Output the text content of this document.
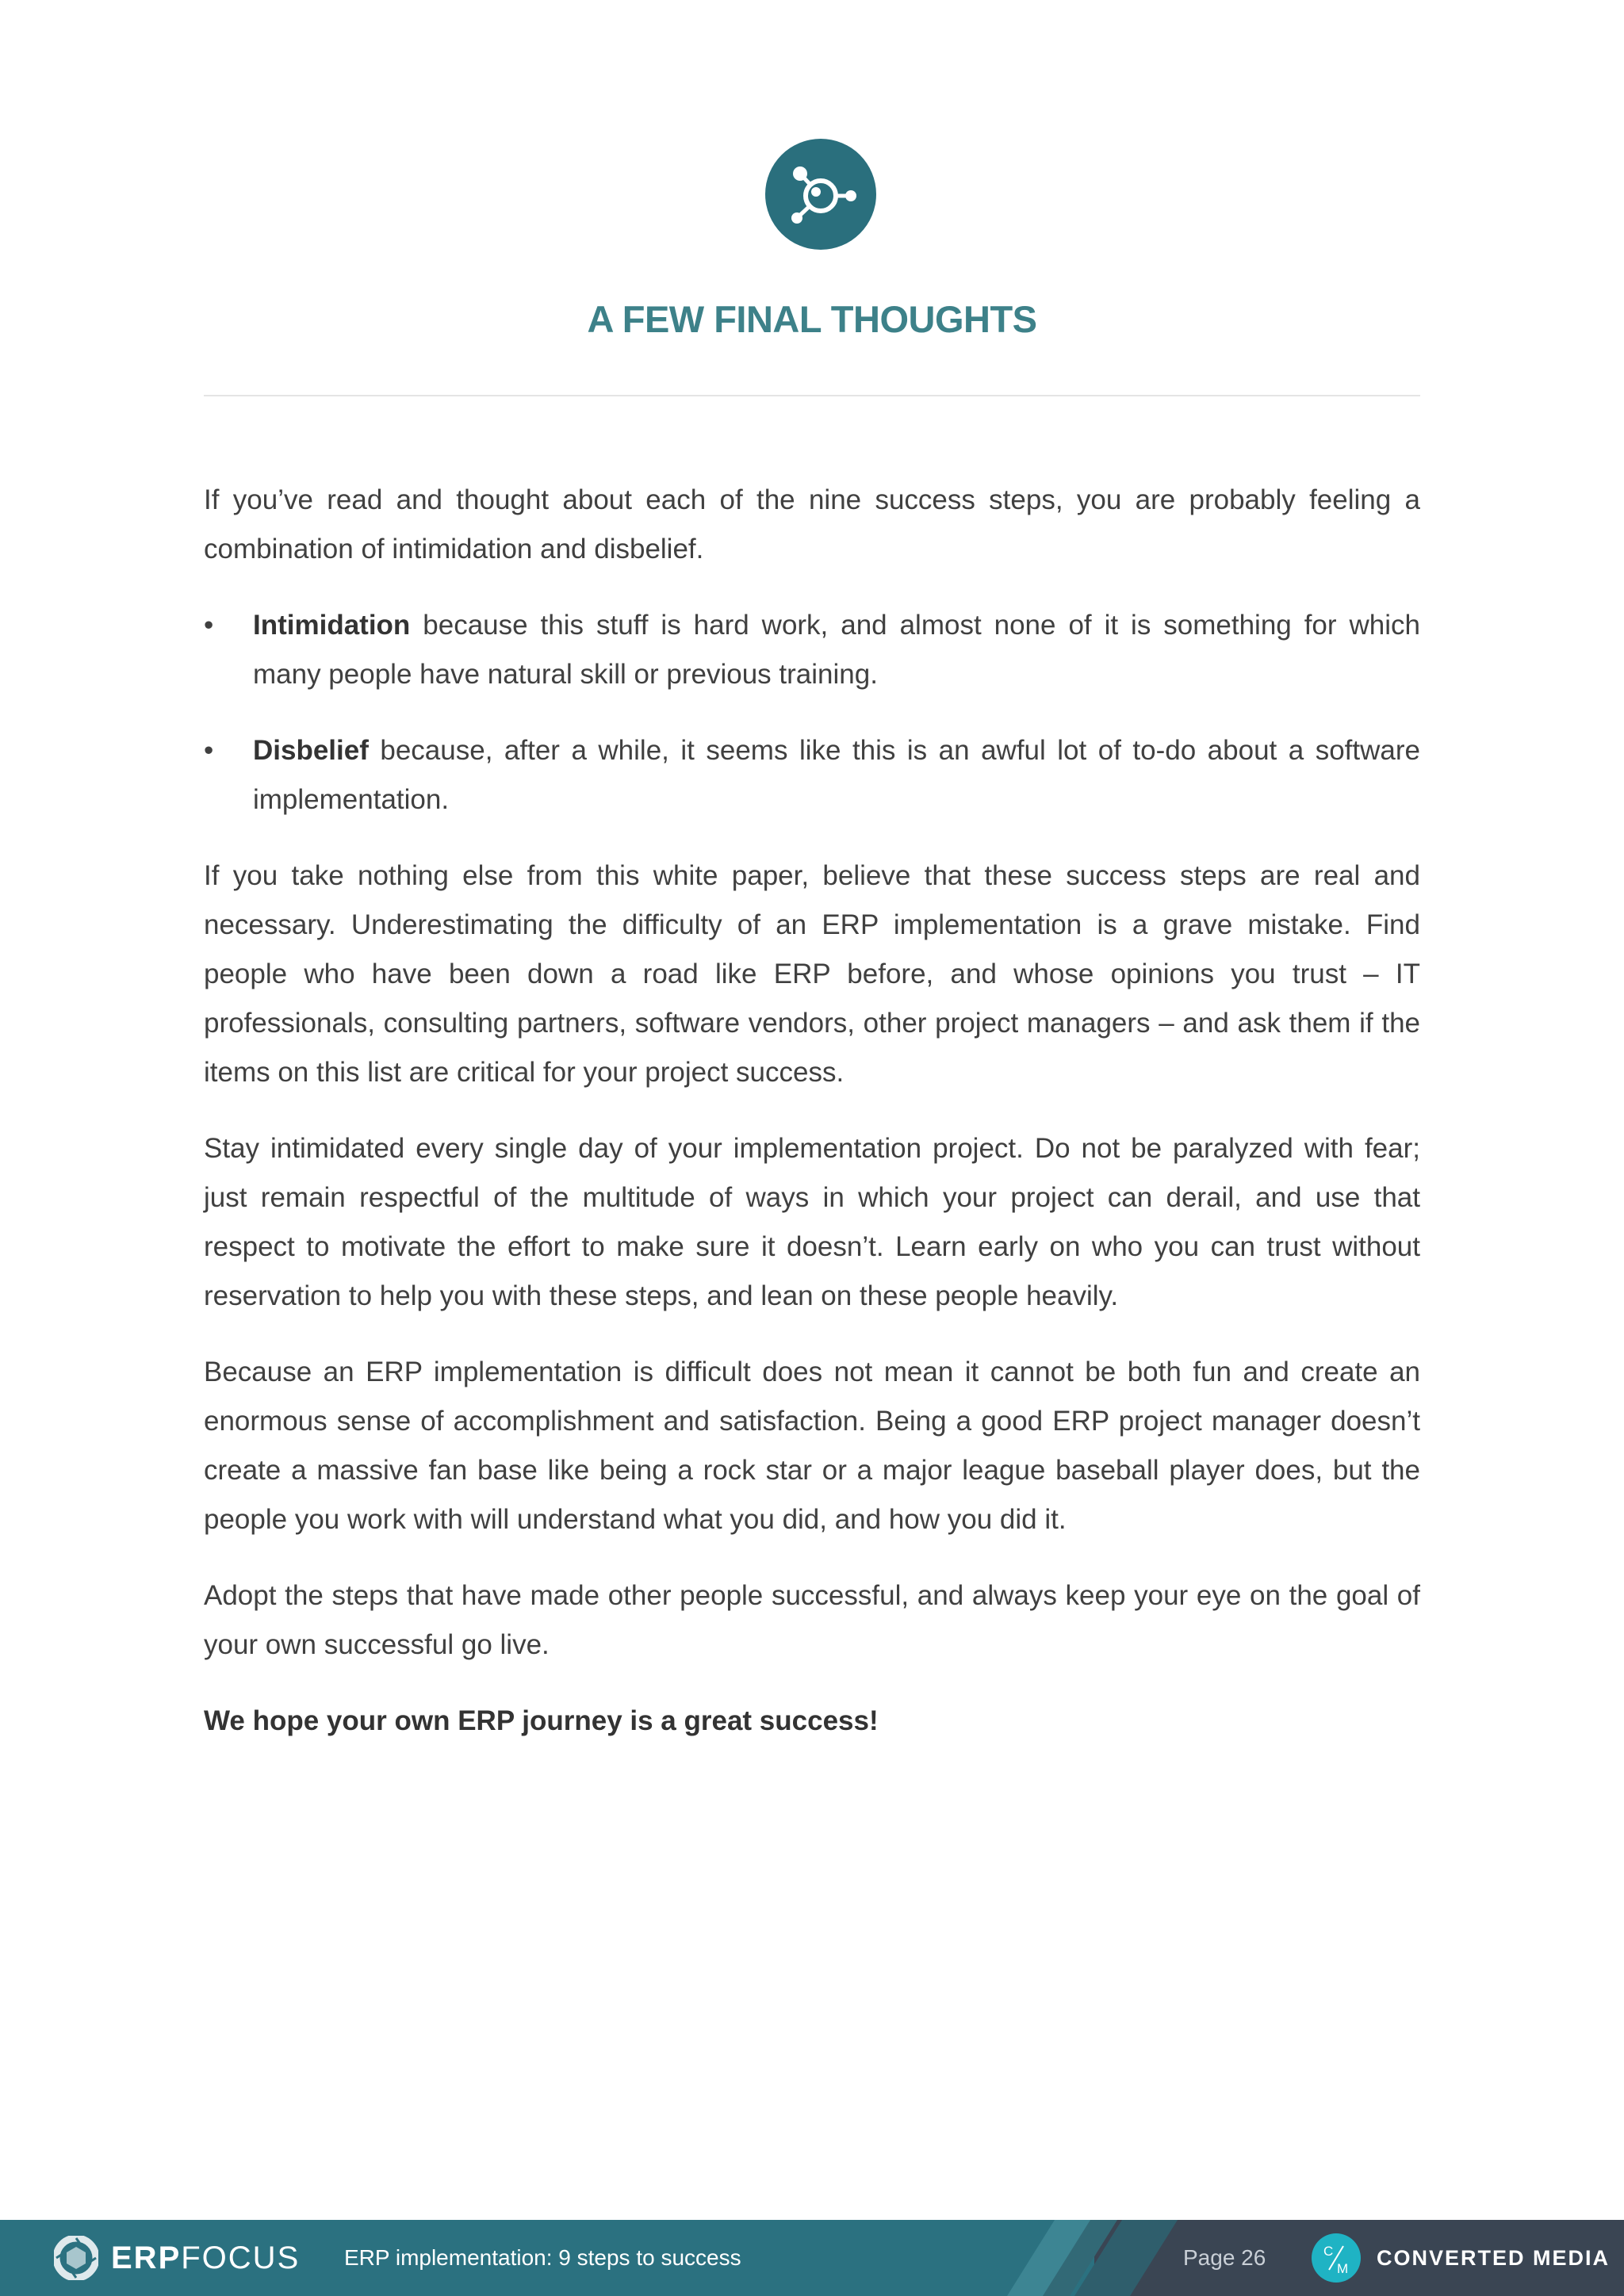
A FEW FINAL THOUGHTS

If you’ve read and thought about each of the nine success steps, you are probably feeling a combination of intimidation and disbelief.

• Intimidation because this stuff is hard work, and almost none of it is something for which many people have natural skill or previous training.
• Disbelief because, after a while, it seems like this is an awful lot of to-do about a software implementation.

If you take nothing else from this white paper, believe that these success steps are real and necessary. Underestimating the difficulty of an ERP implementation is a grave mistake. Find people who have been down a road like ERP before, and whose opinions you trust – IT professionals, consulting partners, software vendors, other project managers – and ask them if the items on this list are critical for your project success.

Stay intimidated every single day of your implementation project. Do not be paralyzed with fear; just remain respectful of the multitude of ways in which your project can derail, and use that respect to motivate the effort to make sure it doesn’t. Learn early on who you can trust without reservation to help you with these steps, and lean on these people heavily.

Because an ERP implementation is difficult does not mean it cannot be both fun and create an enormous sense of accomplishment and satisfaction. Being a good ERP project manager doesn’t create a massive fan base like being a rock star or a major league baseball player does, but the people you work with will understand what you did, and how you did it.

Adopt the steps that have made other people successful, and always keep your eye on the goal of your own successful go live.

We hope your own ERP journey is a great success!

ERPFOCUS ERP implementation: 9 steps to success	Page 26	C
M CONVERTED MEDIA
